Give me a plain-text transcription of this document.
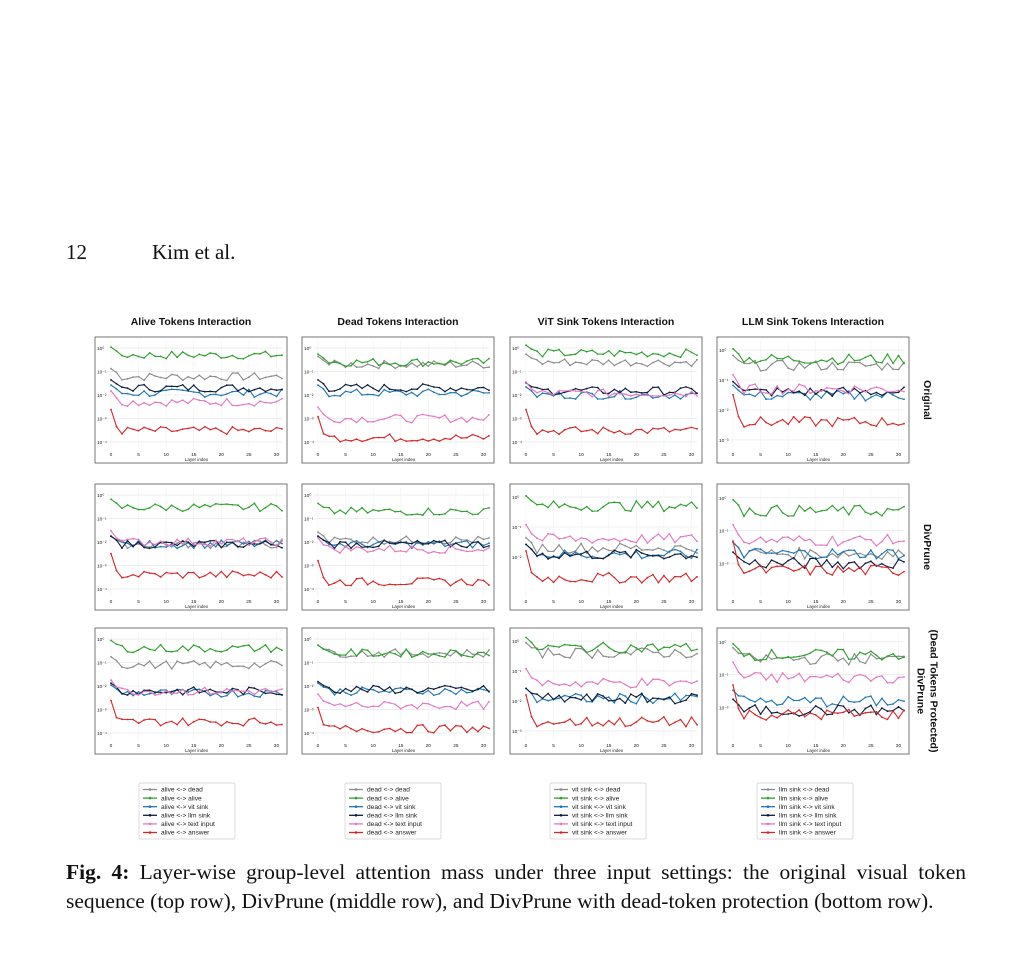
12	Kim et al.
Alive Tokens Interaction	Dead Tokens Interaction	ViT Sink Tokens Interaction	LLM Sink Tokens Interaction
Original
DivPrune
DivPrune (Dead Tokens Protected)
10⁰
10⁻¹
10⁻²
10⁻³
10⁻⁴
0	5	10	15	20	25	30
Layer index
10⁰
10⁻¹
10⁻²
10⁻³
10⁻⁴
0	5	10	15	20	25	30
Layer index
10⁰
10⁻¹
10⁻²
10⁻³
10⁻⁴
0	5	10	15	20	25	30
Layer index
10⁰
10⁻¹
10⁻²
10⁻³
0	5	10	15	20	25	30
Layer index
10⁰
10⁻¹
10⁻²
10⁻³
10⁻⁴
0	5	10	15	20	25	30
Layer index
10⁰
10⁻¹
10⁻²
10⁻³
10⁻⁴
0	5	10	15	20	25	30
Layer index
10⁰
10⁻¹
10⁻²
0	5	10	15	20	25	30
Layer index
10⁰
10⁻¹
10⁻²
0	5	10	15	20	25	30
Layer index
10⁰
10⁻¹
10⁻²
10⁻³
10⁻⁴
0	5	10	15	20	25	30
Layer index
10⁰
10⁻¹
10⁻²
10⁻³
10⁻⁴
0	5	10	15	20	25	30
Layer index
10⁰
10⁻¹
10⁻²
10⁻³
0	5	10	15	20	25	30
Layer index
10⁰
10⁻¹
10⁻²
0	5	10	15	20	25	30
Layer index
alive <-> dead
alive <-> alive
alive <-> vit sink
alive <-> llm sink
alive <-> text input
alive <-> answer
dead <-> dead
dead <-> alive
dead <-> vit sink
dead <-> llm sink
dead <-> text input
dead <-> answer
vit sink <-> dead
vit sink <-> alive
vit sink <-> vit sink
vit sink <-> llm sink
vit sink <-> text input
vit sink <-> answer
llm sink <-> dead
llm sink <-> alive
llm sink <-> vit sink
llm sink <-> llm sink
llm sink <-> text input
llm sink <-> answer
Fig. 4: Layer-wise group-level attention mass under three input settings: the original visual token sequence (top row), DivPrune (middle row), and DivPrune with dead-token protection (bottom row).
